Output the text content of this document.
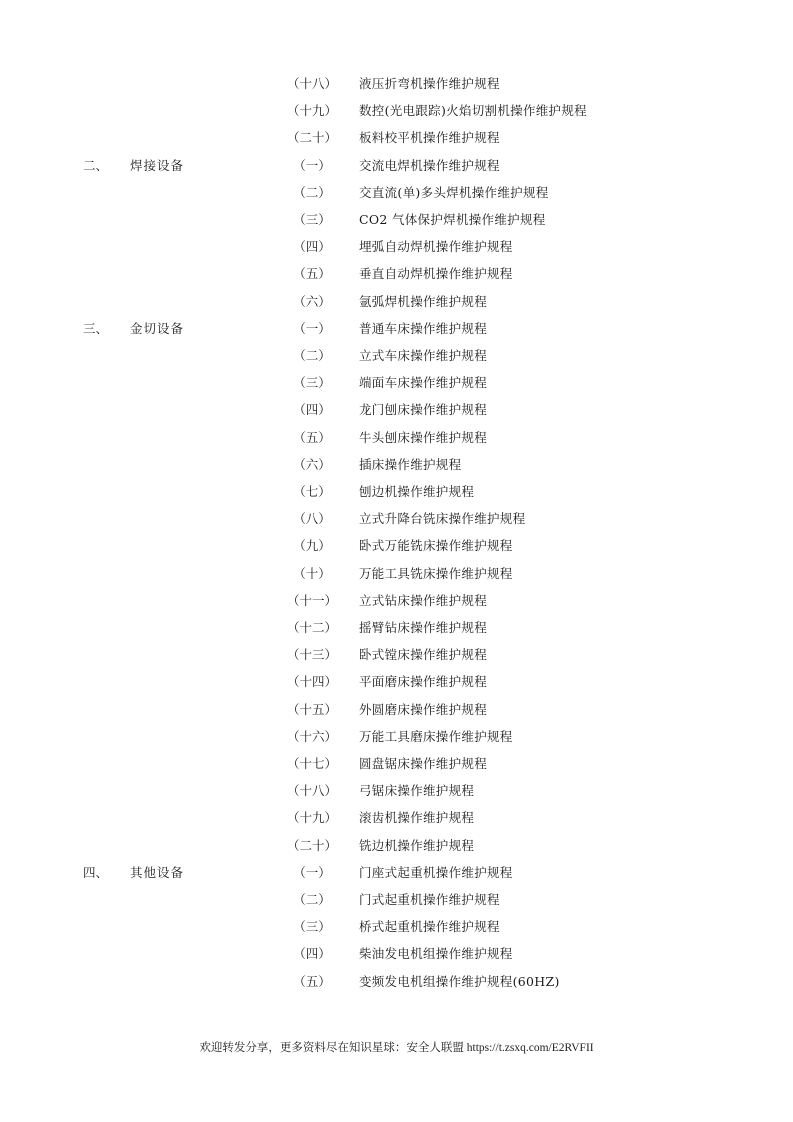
（十八）	液压折弯机操作维护规程
（十九）	数控(光电跟踪)火焰切割机操作维护规程
（二十）	板料校平机操作维护规程
二、 焊接设备	（一）	交流电焊机操作维护规程
（二）	交直流(单)多头焊机操作维护规程
（三）	CO2 气体保护焊机操作维护规程
（四）	埋弧自动焊机操作维护规程
（五）	垂直自动焊机操作维护规程
（六）	氩弧焊机操作维护规程
三、 金切设备	（一）	普通车床操作维护规程
（二）	立式车床操作维护规程
（三）	端面车床操作维护规程
（四）	龙门刨床操作维护规程
（五）	牛头刨床操作维护规程
（六）	插床操作维护规程
（七）	刨边机操作维护规程
（八）	立式升降台铣床操作维护规程
（九）	卧式万能铣床操作维护规程
（十）	万能工具铣床操作维护规程
（十一）	立式钻床操作维护规程
（十二）	摇臂钻床操作维护规程
（十三）	卧式镗床操作维护规程
（十四）	平面磨床操作维护规程
（十五）	外圆磨床操作维护规程
（十六）	万能工具磨床操作维护规程
（十七）	圆盘锯床操作维护规程
（十八）	弓锯床操作维护规程
（十九）	滚齿机操作维护规程
（二十）	铣边机操作维护规程
四、 其他设备	（一）	门座式起重机操作维护规程
（二）	门式起重机操作维护规程
（三）	桥式起重机操作维护规程
（四）	柴油发电机组操作维护规程
（五）	变频发电机组操作维护规程(60HZ)
欢迎转发分享，更多资料尽在知识星球：安全人联盟 https://t.zsxq.com/E2RVFII
